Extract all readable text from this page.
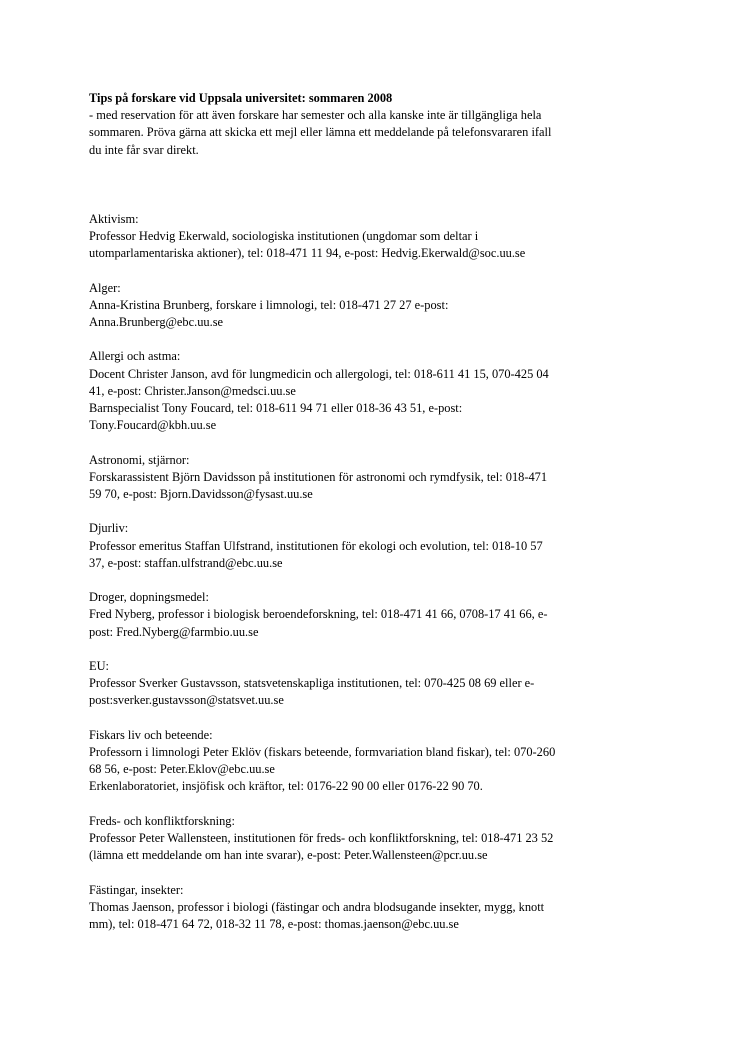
Tips på forskare vid Uppsala universitet: sommaren 2008

- med reservation för att även forskare har semester och alla kanske inte är tillgängliga hela

sommaren. Pröva gärna att skicka ett mejl eller lämna ett meddelande på telefonsvararen ifall

du inte får svar direkt.

Aktivism:

Professor Hedvig Ekerwald, sociologiska institutionen (ungdomar som deltar i

utomparlamentariska aktioner), tel: 018-471 11 94, e-post: Hedvig.Ekerwald@soc.uu.se

Alger:

Anna-Kristina Brunberg, forskare i limnologi, tel: 018-471 27 27 e-post:

Anna.Brunberg@ebc.uu.se

Allergi och astma:

Docent Christer Janson, avd för lungmedicin och allergologi, tel: 018-611 41 15, 070-425 04

41, e-post: Christer.Janson@medsci.uu.se

Barnspecialist Tony Foucard, tel: 018-611 94 71 eller 018-36 43 51, e-post:

Tony.Foucard@kbh.uu.se

Astronomi, stjärnor:

Forskarassistent Björn Davidsson på institutionen för astronomi och rymdfysik, tel: 018-471

59 70, e-post: Bjorn.Davidsson@fysast.uu.se

Djurliv:

Professor emeritus Staffan Ulfstrand, institutionen för ekologi och evolution, tel: 018-10 57

37, e-post: staffan.ulfstrand@ebc.uu.se

Droger, dopningsmedel:

Fred Nyberg, professor i biologisk beroendeforskning, tel: 018-471 41 66, 0708-17 41 66, e-

post: Fred.Nyberg@farmbio.uu.se

EU:

Professor Sverker Gustavsson, statsvetenskapliga institutionen, tel: 070-425 08 69 eller e-

post:sverker.gustavsson@statsvet.uu.se

Fiskars liv och beteende:

Professorn i limnologi Peter Eklöv (fiskars beteende, formvariation bland fiskar), tel: 070-260

68 56, e-post: Peter.Eklov@ebc.uu.se

Erkenlaboratoriet, insjöfisk och kräftor, tel: 0176-22 90 00 eller 0176-22 90 70.

Freds- och konfliktforskning:

Professor Peter Wallensteen, institutionen för freds- och konfliktforskning, tel: 018-471 23 52

(lämna ett meddelande om han inte svarar), e-post: Peter.Wallensteen@pcr.uu.se

Fästingar, insekter:

Thomas Jaenson, professor i biologi (fästingar och andra blodsugande insekter, mygg, knott

mm), tel: 018-471 64 72, 018-32 11 78, e-post: thomas.jaenson@ebc.uu.se
